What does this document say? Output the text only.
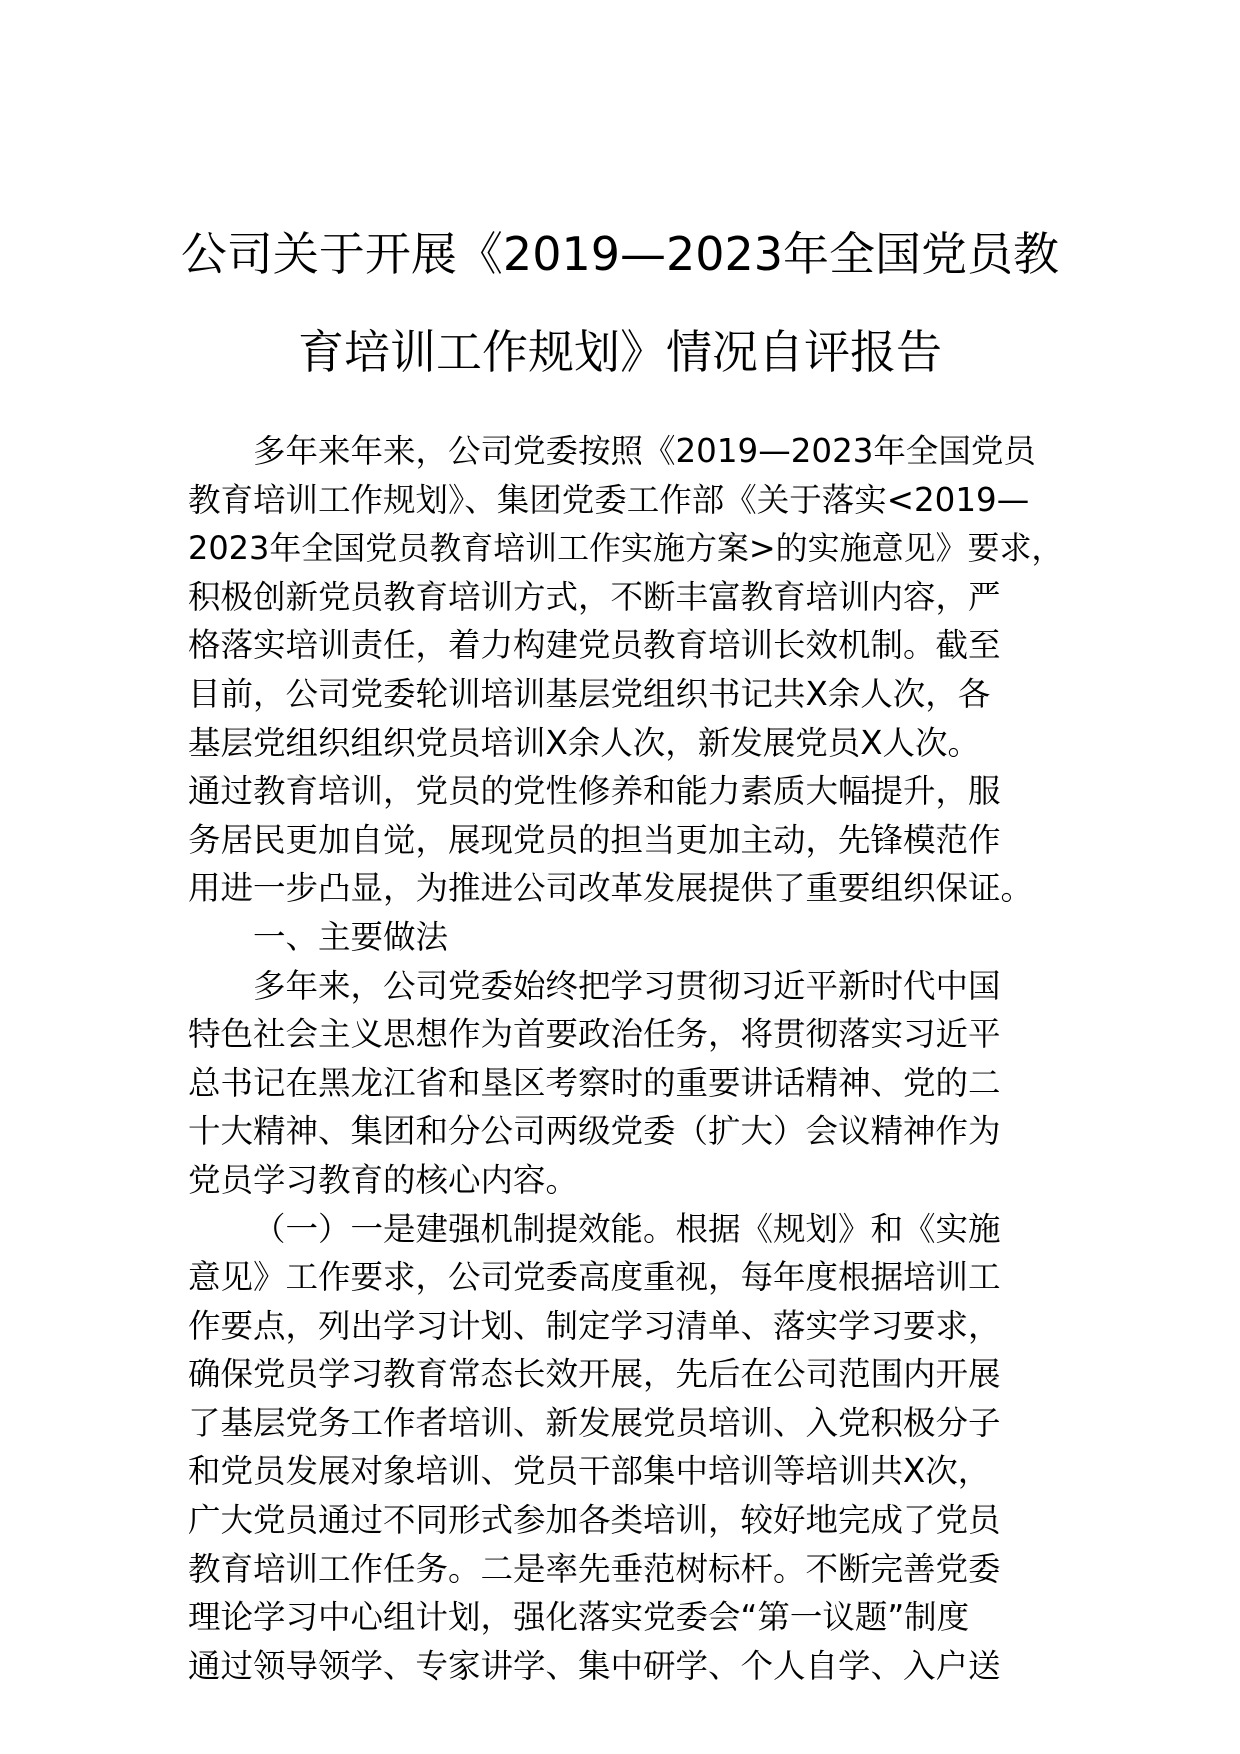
公司关于开展《2019—2023年全国党员教
育培训工作规划》情况自评报告
多年来年来，公司党委按照《2019—2023年全国党员
教育培训工作规划》、集团党委工作部《关于落实<2019—
2023年全国党员教育培训工作实施方案>的实施意见》要求，
积极创新党员教育培训方式，不断丰富教育培训内容，严
格落实培训责任，着力构建党员教育培训长效机制。截至
目前，公司党委轮训培训基层党组织书记共X余人次，各
基层党组织组织党员培训X余人次，新发展党员X人次。
通过教育培训，党员的党性修养和能力素质大幅提升，服
务居民更加自觉，展现党员的担当更加主动，先锋模范作
用进一步凸显，为推进公司改革发展提供了重要组织保证。
一、主要做法
多年来，公司党委始终把学习贯彻习近平新时代中国
特色社会主义思想作为首要政治任务，将贯彻落实习近平
总书记在黑龙江省和垦区考察时的重要讲话精神、党的二
十大精神、集团和分公司两级党委（扩大）会议精神作为
党员学习教育的核心内容。
（一）一是建强机制提效能。根据《规划》和《实施
意见》工作要求，公司党委高度重视，每年度根据培训工
作要点，列出学习计划、制定学习清单、落实学习要求，
确保党员学习教育常态长效开展，先后在公司范围内开展
了基层党务工作者培训、新发展党员培训、入党积极分子
和党员发展对象培训、党员干部集中培训等培训共X次，
广大党员通过不同形式参加各类培训，较好地完成了党员
教育培训工作任务。二是率先垂范树标杆。不断完善党委
理论学习中心组计划，强化落实党委会“第一议题”制度
通过领导领学、专家讲学、集中研学、个人自学、入户送
